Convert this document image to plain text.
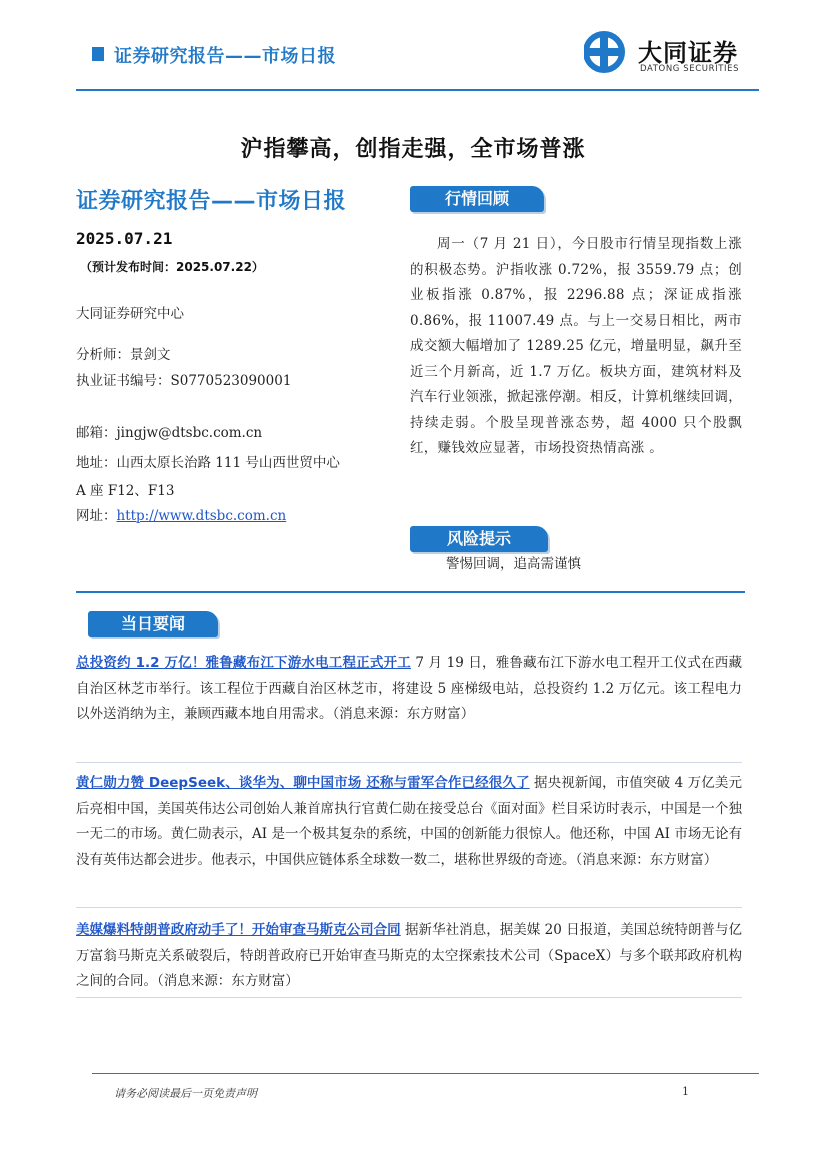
证券研究报告——市场日报	大同证券
DATONG SECURITIES
沪指攀高，创指走强，全市场普涨
证券研究报告——市场日报
2025.07.21
（预计发布时间：2025.07.22）
大同证券研究中心
分析师：景剑文
执业证书编号：S0770523090001
邮箱：jingjw@dtsbc.com.cn
地址：山西太原长治路 111 号山西世贸中心
A 座 F12、F13
网址：http://www.dtsbc.com.cn
行情回顾
周一（7 月 21 日），今日股市行情呈现指数上涨的积极态势。沪指收涨 0.72%，报 3559.79 点；创业板指涨 0.87%，报 2296.88 点；深证成指涨 0.86%，报 11007.49 点。与上一交易日相比，两市成交额大幅增加了 1289.25 亿元，增量明显，飙升至近三个月新高，近 1.7 万亿。板块方面，建筑材料及汽车行业领涨，掀起涨停潮。相反，计算机继续回调，持续走弱。个股呈现普涨态势，超 4000 只个股飘红，赚钱效应显著，市场投资热情高涨 。
风险提示
警惕回调，追高需谨慎
当日要闻
总投资约 1.2 万亿！雅鲁藏布江下游水电工程正式开工 7 月 19 日，雅鲁藏布江下游水电工程开工仪式在西藏自治区林芝市举行。该工程位于西藏自治区林芝市，将建设 5 座梯级电站，总投资约 1.2 万亿元。该工程电力以外送消纳为主，兼顾西藏本地自用需求。（消息来源：东方财富）
黄仁勋力赞 DeepSeek、谈华为、聊中国市场 还称与雷军合作已经很久了 据央视新闻，市值突破 4 万亿美元后亮相中国，美国英伟达公司创始人兼首席执行官黄仁勋在接受总台《面对面》栏目采访时表示，中国是一个独一无二的市场。黄仁勋表示，AI 是一个极其复杂的系统，中国的创新能力很惊人。他还称，中国 AI 市场无论有没有英伟达都会进步。他表示，中国供应链体系全球数一数二，堪称世界级的奇迹。（消息来源：东方财富）
美媒爆料特朗普政府动手了！开始审查马斯克公司合同 据新华社消息，据美媒 20 日报道，美国总统特朗普与亿万富翁马斯克关系破裂后，特朗普政府已开始审查马斯克的太空探索技术公司（SpaceX）与多个联邦政府机构之间的合同。（消息来源：东方财富）
请务必阅读最后一页免责声明	1
